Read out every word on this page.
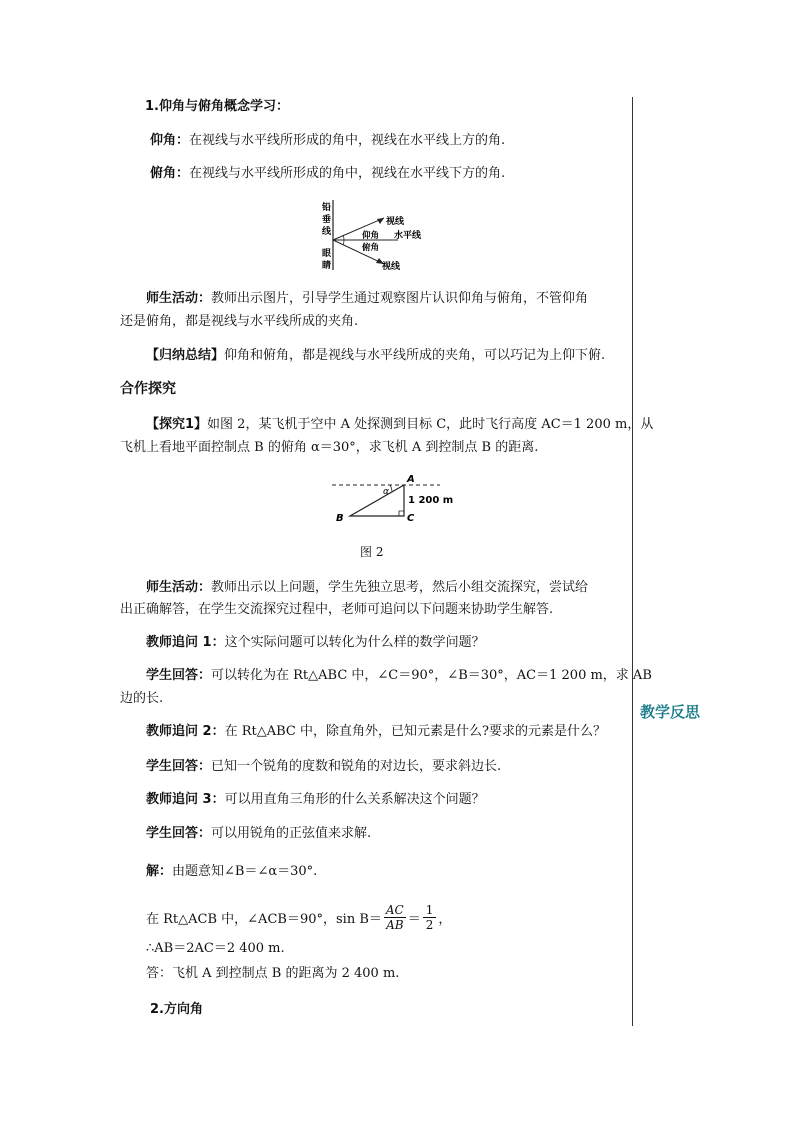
1.仰角与俯角概念学习：
仰角：在视线与水平线所形成的角中，视线在水平线上方的角.
俯角：在视线与水平线所形成的角中，视线在水平线下方的角.
铅
垂
线
眼
睛
视线
水平线
仰角
俯角
视线
师生活动：教师出示图片，引导学生通过观察图片认识仰角与俯角，不管仰角
还是俯角，都是视线与水平线所成的夹角.
【归纳总结】仰角和俯角，都是视线与水平线所成的夹角，可以巧记为上仰下俯.
合作探究
【探究1】如图 2，某飞机于空中 A 处探测到目标 C，此时飞行高度 AC＝1 200 m，从
飞机上看地平面控制点 B 的俯角 α＝30°，求飞机 A 到控制点 B 的距离.
A
B	C
α
1 200 m
图 2
师生活动：教师出示以上问题，学生先独立思考，然后小组交流探究，尝试给
出正确解答，在学生交流探究过程中，老师可追问以下问题来协助学生解答.
教师追问 1：这个实际问题可以转化为什么样的数学问题？
学生回答：可以转化为在 Rt△ABC 中，∠C＝90°，∠B＝30°，AC＝1 200 m，求 AB
边的长.
教师追问 2：在 Rt△ABC 中，除直角外，已知元素是什么?要求的元素是什么？
学生回答：已知一个锐角的度数和锐角的对边长，要求斜边长.
教师追问 3：可以用直角三角形的什么关系解决这个问题？
学生回答：可以用锐角的正弦值来求解.
解：由题意知∠B＝∠α＝30°.
在 Rt△ACB 中，∠ACB＝90°，sin B＝
AC
AB ＝
1
2 ，
∴AB＝2AC＝2 400 m.
答：飞机 A 到控制点 B 的距离为 2 400 m.
2.方向角
教学反思
